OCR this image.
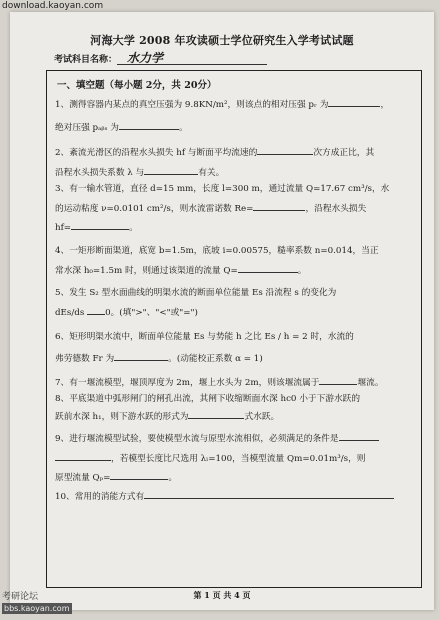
download.kaoyan.com
河海大学 2008 年攻读硕士学位研究生入学考试试题
考试科目名称： 水力学
一、填空题（每小题 2分，共 20分）
1、测得容器内某点的真空压强为 9.8KN/m²，则该点的相对压强 pᵣ 为	，
绝对压强 pₐᵦₛ 为	。
2、紊流光滑区的沿程水头损失 hf 与断面平均流速的	次方成正比，其
沿程水头损失系数 λ 与	有关。
3、有一输水管道，直径 d=15 mm，长度 l=300 m，通过流量 Q=17.67 cm³/s，水
的运动粘度 ν=0.0101 cm²/s，则水流雷诺数 Re=	，沿程水头损失
hf=	。
4、一矩形断面渠道，底宽 b=1.5m，底坡 i=0.00575，糙率系数 n=0.014，当正
常水深 h₀=1.5m 时，则通过该渠道的流量 Q=	。
5、发生 S₂ 型水面曲线的明渠水流的断面单位能量 Es 沿流程 s 的变化为
dEs/ds 0。(填">"、"<"或"=")
6、矩形明渠水流中，断面单位能量 Es 与势能 h 之比 Es / h = 2 时，水流的
弗劳德数 Fr 为	。(动能校正系数 α = 1)
7、有一堰流模型，堰顶厚度为 2m，堰上水头为 2m，则该堰流属于	堰流。
8、平底渠道中弧形闸门的闸孔出流，其闸下收缩断面水深 hc0 小于下游水跃的
跃前水深 h₁，则下游水跃的形式为	式水跃。
9、进行堰流模型试验，要使模型水流与原型水流相似，必须满足的条件是
，若模型长度比尺选用 λₗ=100，当模型流量 Qm=0.01m³/s，则
原型流量 Qₚ=	。
10、常用的消能方式有
第 1 页 共 4 页
考研论坛
bbs.kaoyan.com
